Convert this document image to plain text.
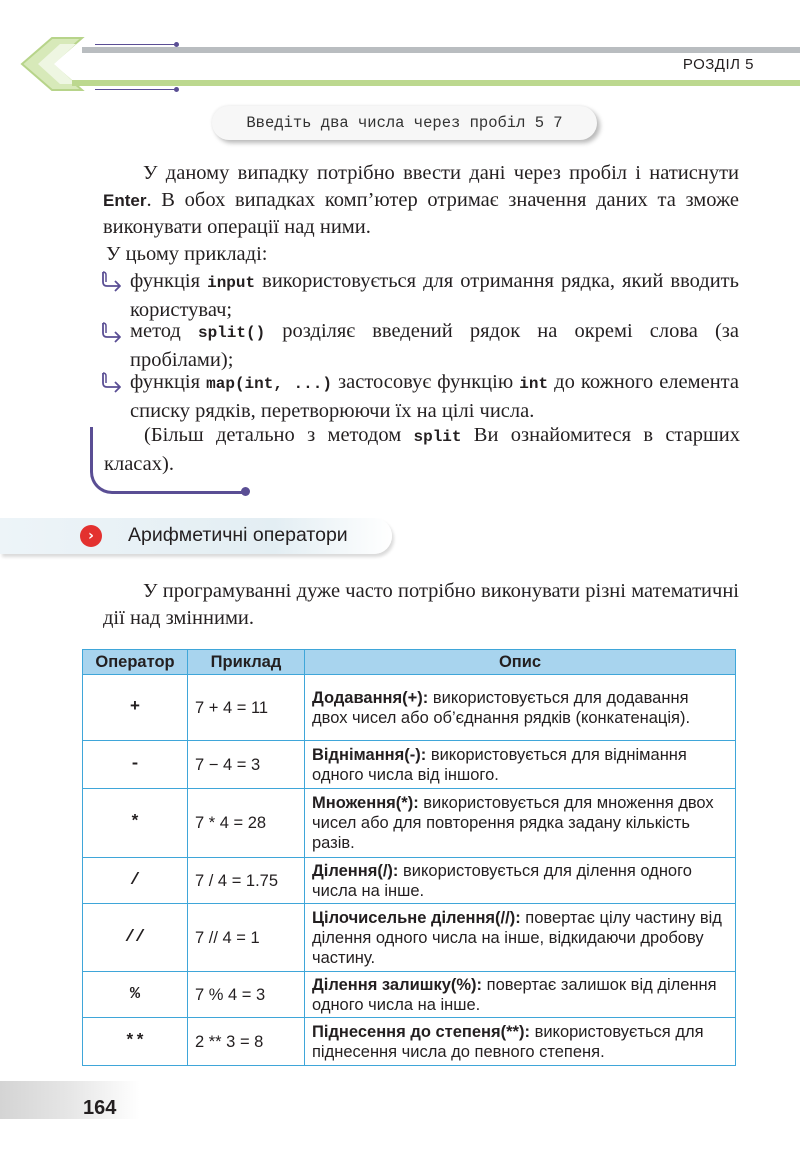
РОЗДІЛ 5
Введіть два числа через пробіл 5 7
У даному випадку потрібно ввести дані через пробіл і натиснути Enter. В обох випадках комп’ютер отримає значення даних та зможе виконувати операції над ними.
У цьому прикладі:
функція input використовується для отримання рядка, який вводить користувач;
метод split() розділяє введений рядок на окремі слова (за пробілами);
функція map(int, ...) застосовує функцію int до кожного елемента списку рядків, перетворюючи їх на цілі числа.
(Більш детально з методом split Ви ознайомитеся в старших класах).
›	Арифметичні оператори
У програмуванні дуже часто потрібно виконувати різні математичні дії над змінними.
Оператор	Приклад	Опис
+	7 + 4 = 11	Додавання(+): використовується для додавання двох чисел або об’єднання рядків (конкатенація).
-	7 − 4 = 3	Віднімання(-): використовується для віднімання одного числа від іншого.
*	7 * 4 = 28	Множення(*): використовується для множення двох чисел або для повторення рядка задану кількість разів.
/	7 / 4 = 1.75	Ділення(/): використовується для ділення одного числа на інше.
//	7 // 4 = 1	Цілочисельне ділення(//): повертає цілу частину від ділення одного числа на інше, відкидаючи дробову частину.
%	7 % 4 = 3	Ділення залишку(%): повертає залишок від ділення одного числа на інше.
**	2 ** 3 = 8	Піднесення до степеня(**): використовується для піднесення числа до певного степеня.
164
